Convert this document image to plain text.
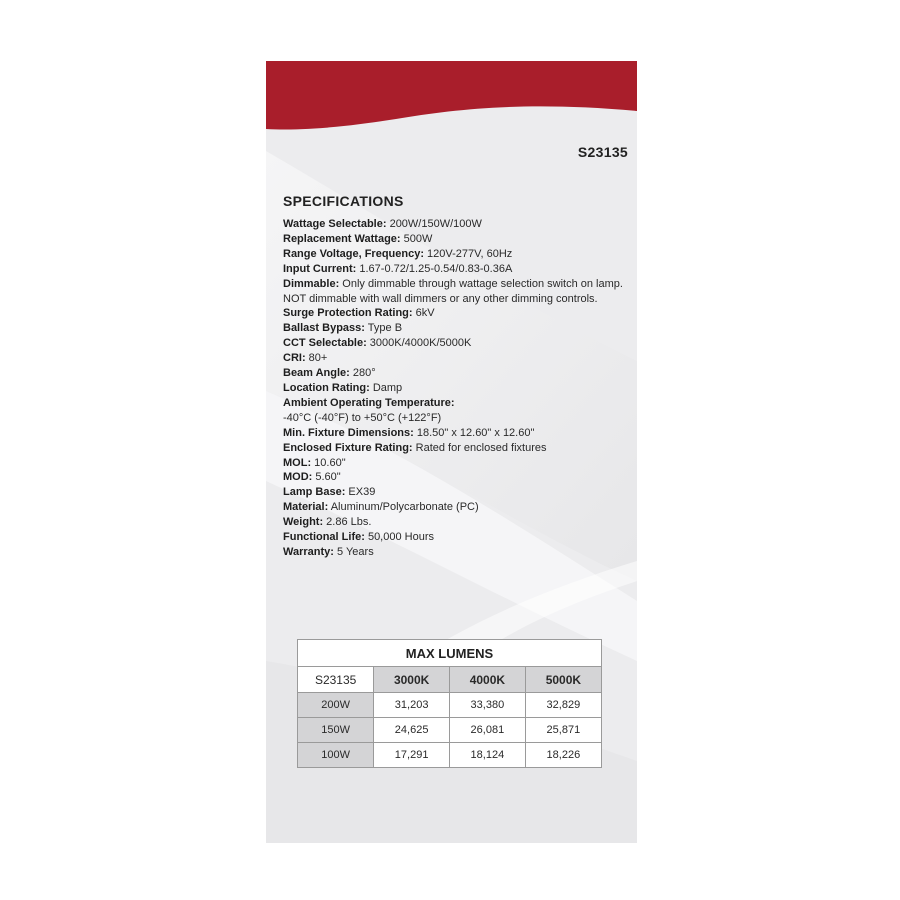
S23135
SPECIFICATIONS
Wattage Selectable: 200W/150W/100W
Replacement Wattage: 500W
Range Voltage, Frequency: 120V-277V, 60Hz
Input Current: 1.67-0.72/1.25-0.54/0.83-0.36A
Dimmable: Only dimmable through wattage selection switch on lamp. NOT dimmable with wall dimmers or any other dimming controls.
Surge Protection Rating: 6kV
Ballast Bypass: Type B
CCT Selectable: 3000K/4000K/5000K
CRI: 80+
Beam Angle: 280°
Location Rating: Damp
Ambient Operating Temperature:
-40°C (-40°F) to +50°C (+122°F)
Min. Fixture Dimensions: 18.50" x 12.60" x 12.60"
Enclosed Fixture Rating: Rated for enclosed fixtures
MOL: 10.60"
MOD: 5.60"
Lamp Base: EX39
Material: Aluminum/Polycarbonate (PC)
Weight: 2.86 Lbs.
Functional Life: 50,000 Hours
Warranty: 5 Years
MAX LUMENS
S23135	3000K	4000K	5000K
200W	31,203	33,380	32,829
150W	24,625	26,081	25,871
100W	17,291	18,124	18,226
